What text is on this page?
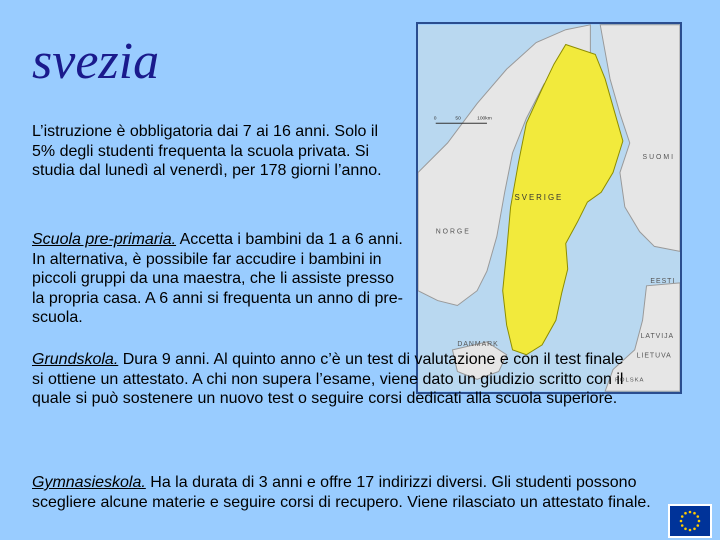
svezia
SVERIGE
NORGE
SUOMI
EESTI
LATVIJA
LIETUVA
DANMARK
POLSKA
0	50	100km

L’istruzione è obbligatoria dai 7 ai 16 anni. Solo il 5% degli studenti frequenta la scuola privata. Si studia dal lunedì al venerdì, per 178 giorni l’anno.

Scuola pre-primaria. Accetta i bambini da 1 a 6 anni. In alternativa, è possibile far accudire i bambini in piccoli gruppi da una maestra, che li assiste presso la propria casa. A 6 anni si frequenta un anno di pre-scuola.

Grundskola. Dura 9 anni. Al quinto anno c’è un test di valutazione e con il test finale si ottiene un attestato. A chi non supera l’esame, viene dato un giudizio scritto con il quale si può sostenere un nuovo test o seguire corsi dedicati alla scuola superiore.

Gymnasieskola. Ha la durata di 3 anni e offre 17 indirizzi diversi. Gli studenti possono scegliere alcune materie e seguire corsi di recupero. Viene rilasciato un attestato finale.
